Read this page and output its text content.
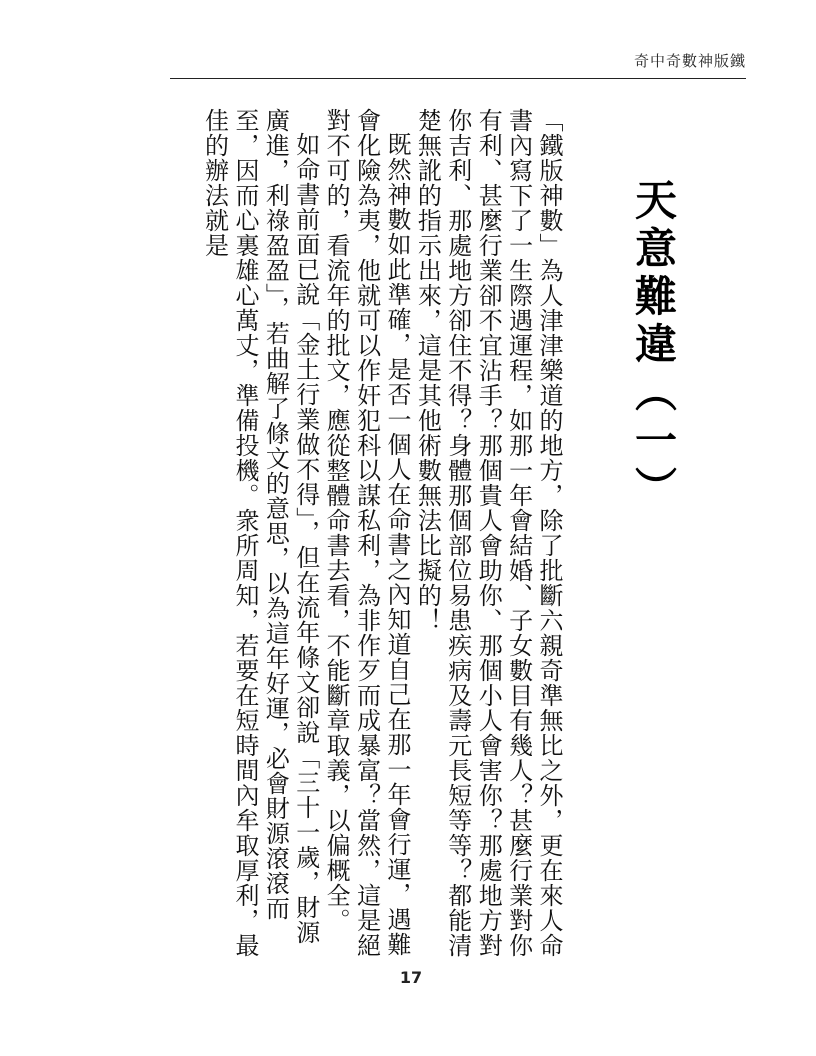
奇中奇數神版鐵
天意難違（一）

「鐵版神數」為人津津樂道的地方，除了批斷六親奇準無比之外，更在來人命書內寫下了一生際遇運程，如那一年會結婚、子女數目有幾人？甚麼行業對你有利、甚麼行業卻不宜沾手？那個貴人會助你、那個小人會害你？那處地方對你吉利、那處地方卻住不得？身體那個部位易患疾病及壽元長短等等？都能清楚無訛的指示出來，這是其他術數無法比擬的！

既然神數如此準確，是否一個人在命書之內知道自己在那一年會行運，遇難會化險為夷，他就可以作奸犯科以謀私利，為非作歹而成暴富？當然，這是絕對不可的，看流年的批文，應從整體命書去看，不能斷章取義，以偏概全。

如命書前面已說「金土行業做不得」，但在流年條文卻說「三十一歲，財源廣進，利祿盈盈」，若曲解了條文的意思，以為這年好運，必會財源滾滾而至，因而心裏雄心萬丈，準備投機。衆所周知，若要在短時間內牟取厚利，最佳的辦法就是

17
